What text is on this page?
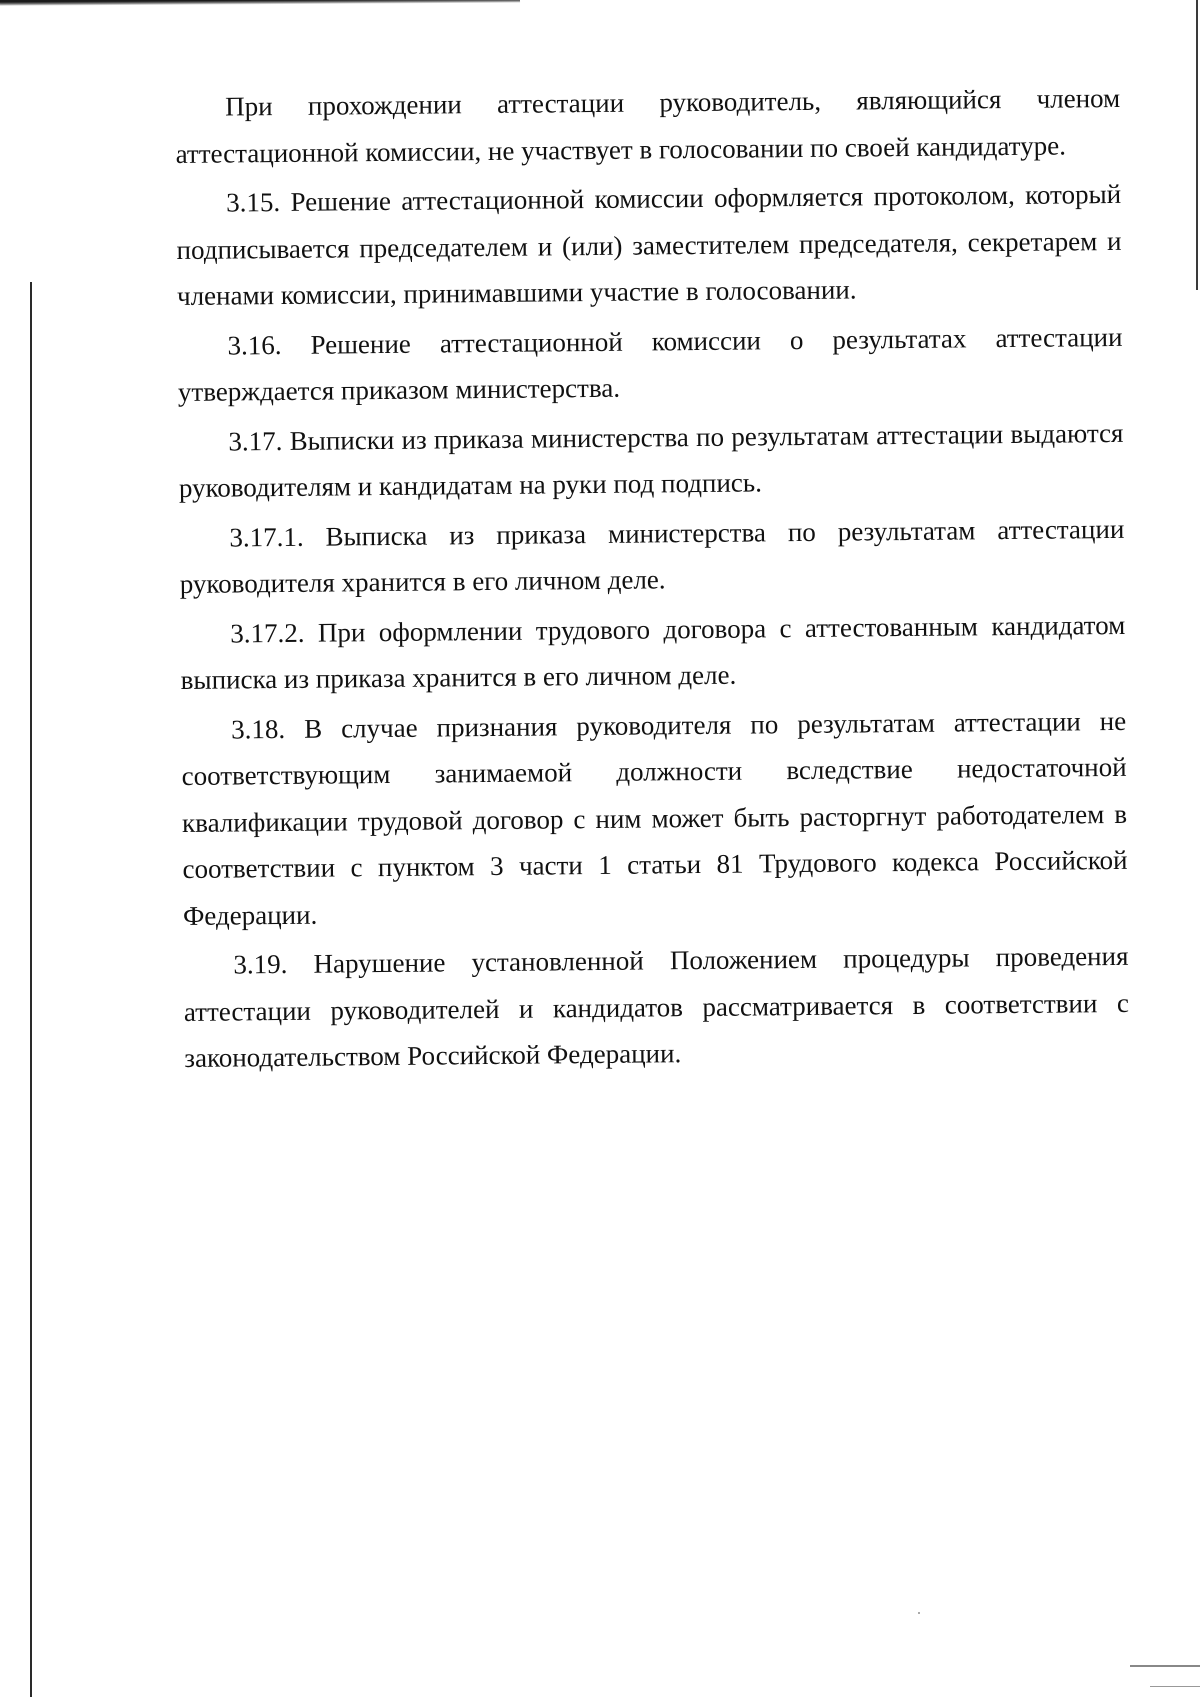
При прохождении аттестации руководитель, являющийся членом аттестационной комиссии, не участвует в голосовании по своей кандидатуре.

3.15. Решение аттестационной комиссии оформляется протоколом, который подписывается председателем и (или) заместителем председателя, секретарем и членами комиссии, принимавшими участие в голосовании.

3.16. Решение аттестационной комиссии о результатах аттестации утверждается приказом министерства.

3.17. Выписки из приказа министерства по результатам аттестации выдаются руководителям и кандидатам на руки под подпись.

3.17.1. Выписка из приказа министерства по результатам аттестации руководителя хранится в его личном деле.

3.17.2. При оформлении трудового договора с аттестованным кандидатом выписка из приказа хранится в его личном деле.

3.18. В случае признания руководителя по результатам аттестации не соответствующим занимаемой должности вследствие недостаточной квалификации трудовой договор с ним может быть расторгнут работодателем в соответствии с пунктом 3 части 1 статьи 81 Трудового кодекса Российской Федерации.

3.19. Нарушение установленной Положением процедуры проведения аттестации руководителей и кандидатов рассматривается в соответствии с законодательством Российской Федерации.
